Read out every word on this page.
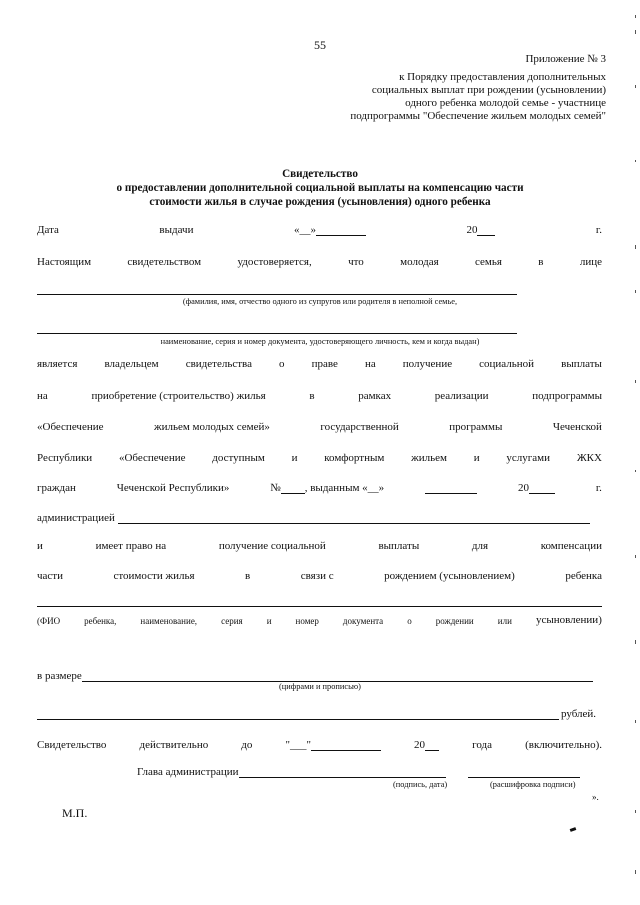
55
Приложение № 3
к Порядку предоставления дополнительных
социальных выплат при рождении (усыновлении)
одного ребенка молодой семье - участнице
подпрограммы "Обеспечение жильем молодых семей"
Свидетельство
о предоставлении дополнительной социальной выплаты на компенсацию части
стоимости жилья в случае рождения (усыновления) одного ребенка
Дата	выдачи	«__»	20	г.
Настоящим	свидетельством	удостоверяется,	что	молодая	семья	в	лице
(фамилия, имя, отчество одного из супругов или родителя в неполной семье,
наименование, серия и номер документа, удостоверяющего личность, кем и когда выдан)
является владельцем свидетельства о праве на получение социальной выплаты
на	приобретение (строительство) жилья	в	рамках	реализации	подпрограммы
«Обеспечение	жильем молодых семей»	государственной	программы	Чеченской
Республики «Обеспечение доступным и комфортным жильем и услугами ЖКХ
граждан	Чеченской Республики»	№ , выданным «__»	20	г.
администрацией
и	имеет право на	получение социальной	выплаты	для	компенсации
части	стоимости жилья	в	связи с	рождением (усыновлением)	ребенка
(ФИО	ребенка,	наименование,	серия	и	номер	документа	о	рождении	или усыновлении)
в размере
(цифрами и прописью)
рублей.
Свидетельство	действительно	до	"___"	20	года	(включительно).
Глава администрации
(подпись, дата)	(расшифровка подписи)
».
М.П.
